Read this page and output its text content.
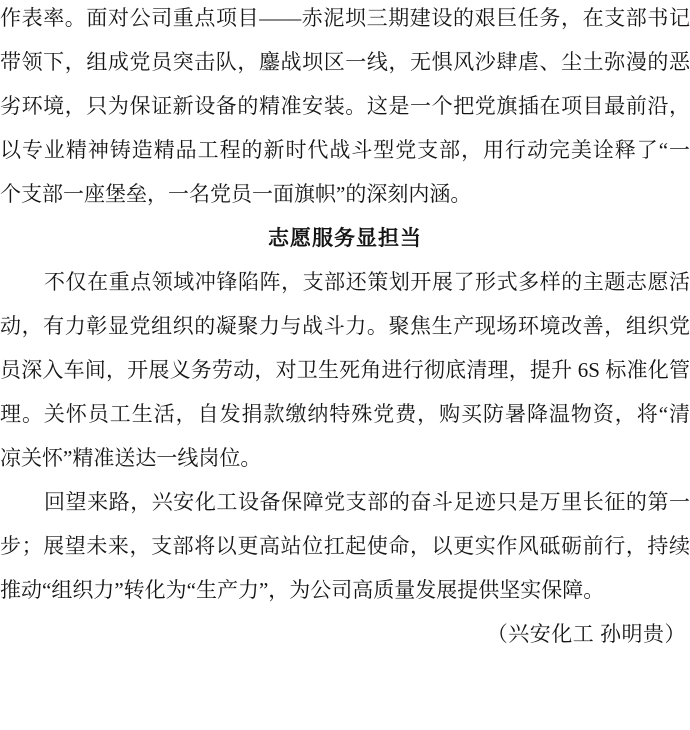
作表率。面对公司重点项目——赤泥坝三期建设的艰巨任务，在支部书记
带领下，组成党员突击队，鏖战坝区一线，无惧风沙肆虐、尘土弥漫的恶
劣环境，只为保证新设备的精准安装。这是一个把党旗插在项目最前沿，
以专业精神铸造精品工程的新时代战斗型党支部，用行动完美诠释了“一
个支部一座堡垒，一名党员一面旗帜”的深刻内涵。
志愿服务显担当
不仅在重点领域冲锋陷阵，支部还策划开展了形式多样的主题志愿活
动，有力彰显党组织的凝聚力与战斗力。聚焦生产现场环境改善，组织党
员深入车间，开展义务劳动，对卫生死角进行彻底清理，提升 6S 标准化管
理。关怀员工生活，自发捐款缴纳特殊党费，购买防暑降温物资，将“清
凉关怀”精准送达一线岗位。
回望来路，兴安化工设备保障党支部的奋斗足迹只是万里长征的第一
步；展望未来，支部将以更高站位扛起使命，以更实作风砥砺前行，持续
推动“组织力”转化为“生产力”，为公司高质量发展提供坚实保障。
（兴安化工 孙明贵）
